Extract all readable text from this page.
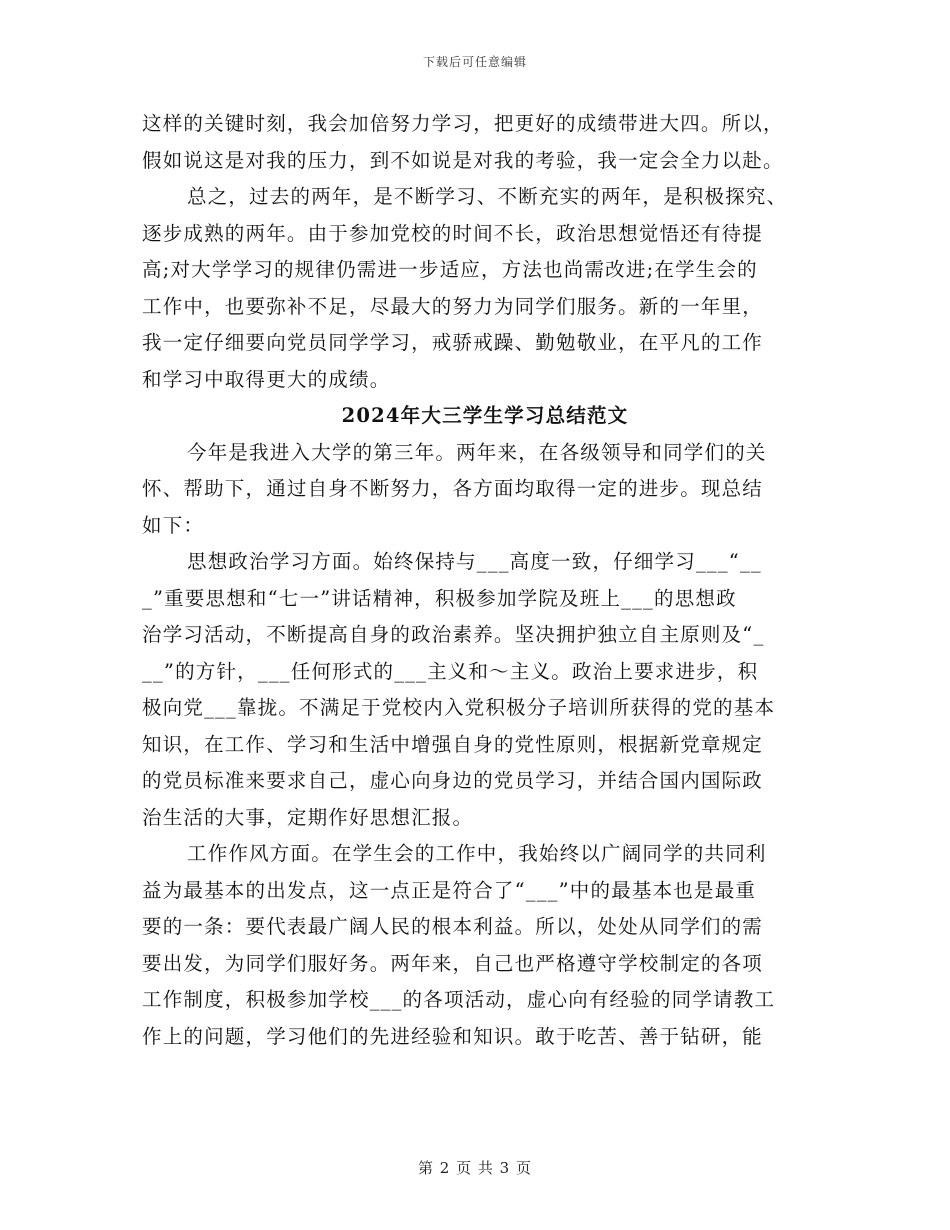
下载后可任意编辑
这样的关键时刻，我会加倍努力学习，把更好的成绩带进大四。所以，
假如说这是对我的压力，到不如说是对我的考验，我一定会全力以赴。
总之，过去的两年，是不断学习、不断充实的两年，是积极探究、
逐步成熟的两年。由于参加党校的时间不长，政治思想觉悟还有待提
高;对大学学习的规律仍需进一步适应，方法也尚需改进;在学生会的
工作中，也要弥补不足，尽最大的努力为同学们服务。新的一年里，
我一定仔细要向党员同学学习，戒骄戒躁、勤勉敬业，在平凡的工作
和学习中取得更大的成绩。
2024年大三学生学习总结范文
今年是我进入大学的第三年。两年来，在各级领导和同学们的关
怀、帮助下，通过自身不断努力，各方面均取得一定的进步。现总结
如下：
思想政治学习方面。始终保持与___高度一致，仔细学习___“__
_”重要思想和“七一”讲话精神，积极参加学院及班上___的思想政
治学习活动，不断提高自身的政治素养。坚决拥护独立自主原则及“_
__”的方针，___任何形式的___主义和～主义。政治上要求进步，积
极向党___靠拢。不满足于党校内入党积极分子培训所获得的党的基本
知识，在工作、学习和生活中增强自身的党性原则，根据新党章规定
的党员标准来要求自己，虚心向身边的党员学习，并结合国内国际政
治生活的大事，定期作好思想汇报。
工作作风方面。在学生会的工作中，我始终以广阔同学的共同利
益为最基本的出发点，这一点正是符合了“___”中的最基本也是最重
要的一条：要代表最广阔人民的根本利益。所以，处处从同学们的需
要出发，为同学们服好务。两年来，自己也严格遵守学校制定的各项
工作制度，积极参加学校___的各项活动，虚心向有经验的同学请教工
作上的问题，学习他们的先进经验和知识。敢于吃苦、善于钻研，能
第 2 页 共 3 页
